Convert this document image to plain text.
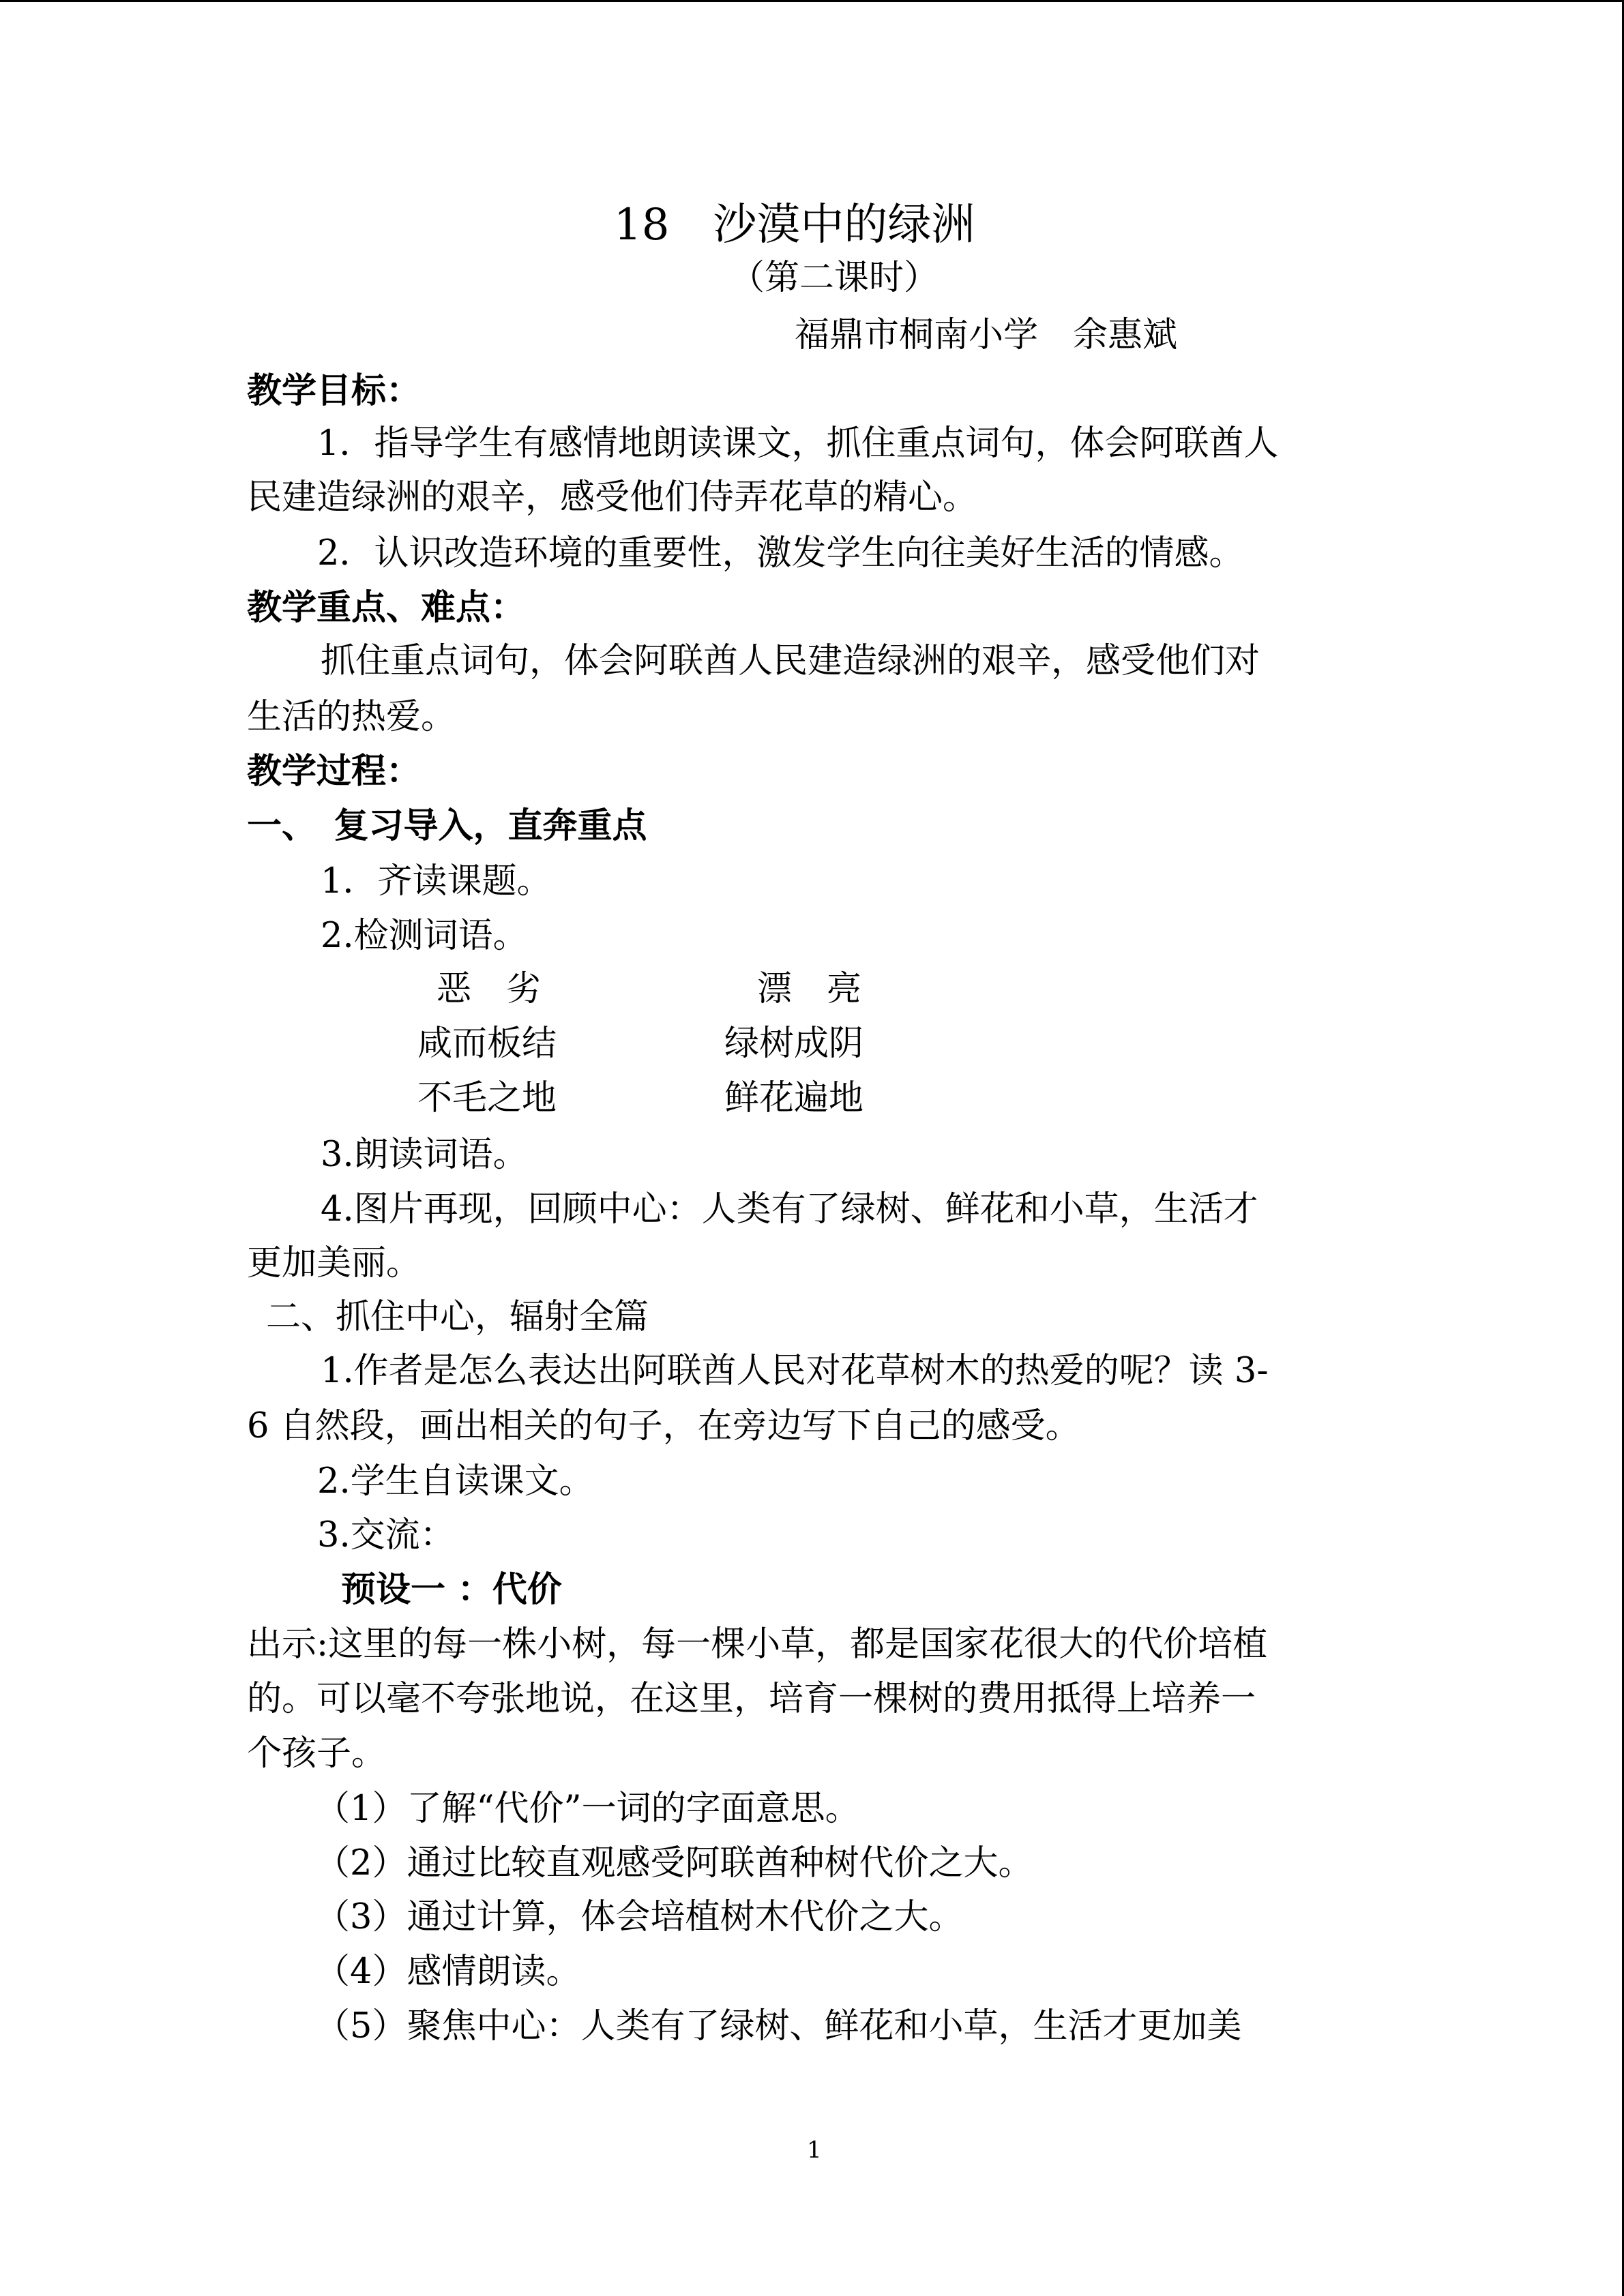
18　沙漠中的绿洲
（第二课时）
福鼎市桐南小学　余惠斌
教学目标：
1．指导学生有感情地朗读课文，抓住重点词句，体会阿联酋人
民建造绿洲的艰辛，感受他们侍弄花草的精心。
2．认识改造环境的重要性，激发学生向往美好生活的情感。
教学重点、难点：
抓住重点词句，体会阿联酋人民建造绿洲的艰辛，感受他们对
生活的热爱。
教学过程：
一、　复习导入，直奔重点
1．齐读课题。
2.检测词语。
恶　劣	漂　亮
咸而板结	绿树成阴
不毛之地	鲜花遍地
3.朗读词语。
4.图片再现，回顾中心：人类有了绿树、鲜花和小草，生活才
更加美丽。
二、抓住中心，辐射全篇
1.作者是怎么表达出阿联酋人民对花草树木的热爱的呢？读 3-
6 自然段，画出相关的句子，在旁边写下自己的感受。
2.学生自读课文。
3.交流：
预设一 ：代价
出示:这里的每一株小树，每一棵小草，都是国家花很大的代价培植
的。可以毫不夸张地说，在这里，培育一棵树的费用抵得上培养一
个孩子。
（1）了解“代价”一词的字面意思。
（2）通过比较直观感受阿联酋种树代价之大。
（3）通过计算，体会培植树木代价之大。
（4）感情朗读。
（5）聚焦中心：人类有了绿树、鲜花和小草，生活才更加美
1
